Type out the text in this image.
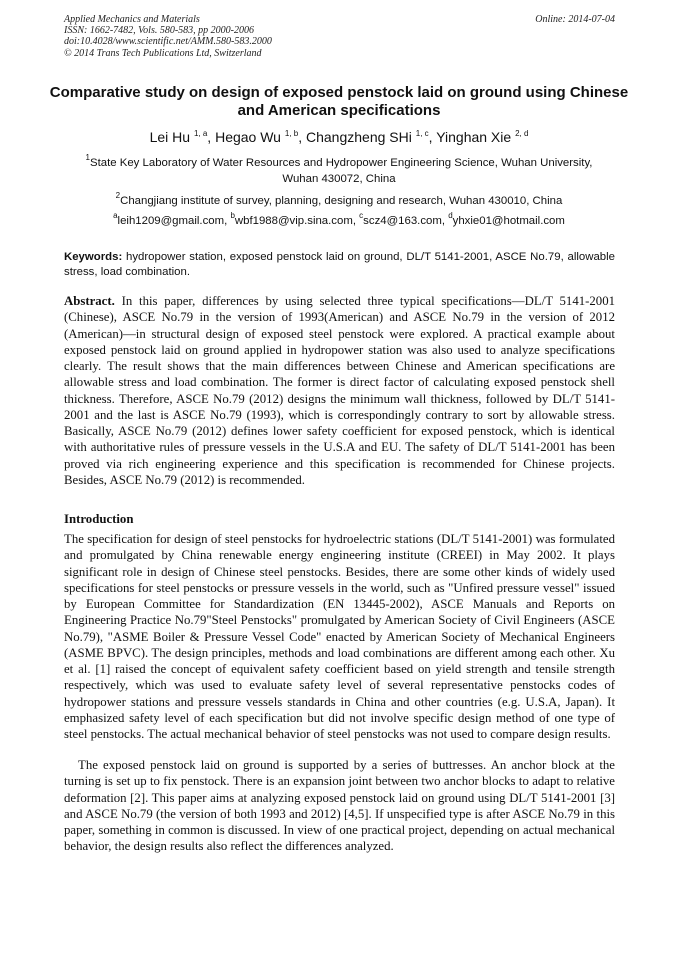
Applied Mechanics and Materials
ISSN: 1662-7482, Vols. 580-583, pp 2000-2006
doi:10.4028/www.scientific.net/AMM.580-583.2000
© 2014 Trans Tech Publications Ltd, Switzerland
Online: 2014-07-04
Comparative study on design of exposed penstock laid on ground using Chinese and American specifications
Lei Hu $^{1, a}$, Hegao Wu $^{1, b}$, Changzheng SHi $^{1, c}$, Yinghan Xie $^{2, d}$
$^1$State Key Laboratory of Water Resources and Hydropower Engineering Science, Wuhan University, Wuhan 430072, China
$^2$Changjiang institute of survey, planning, designing and research, Wuhan 430010, China
$^a$leih1209@gmail.com, $^b$wbf1988@vip.sina.com, $^c$scz4@163.com, $^d$yhxie01@hotmail.com
Keywords: hydropower station, exposed penstock laid on ground, DL/T 5141-2001, ASCE No.79, allowable stress, load combination.
Abstract. In this paper, differences by using selected three typical specifications—DL/T 5141-2001 (Chinese), ASCE No.79 in the version of 1993(American) and ASCE No.79 in the version of 2012 (American)—in structural design of exposed steel penstock were explored. A practical example about exposed penstock laid on ground applied in hydropower station was also used to analyze specifications clearly. The result shows that the main differences between Chinese and American specifications are allowable stress and load combination. The former is direct factor of calculating exposed penstock shell thickness. Therefore, ASCE No.79 (2012) designs the minimum wall thickness, followed by DL/T 5141-2001 and the last is ASCE No.79 (1993), which is correspondingly contrary to sort by allowable stress. Basically, ASCE No.79 (2012) defines lower safety coefficient for exposed penstock, which is identical with authoritative rules of pressure vessels in the U.S.A and EU. The safety of DL/T 5141-2001 has been proved via rich engineering experience and this specification is recommended for Chinese projects. Besides, ASCE No.79 (2012) is recommended.
Introduction
The specification for design of steel penstocks for hydroelectric stations (DL/T 5141-2001) was formulated and promulgated by China renewable energy engineering institute (CREEI) in May 2002. It plays significant role in design of Chinese steel penstocks. Besides, there are some other kinds of widely used specifications for steel penstocks or pressure vessels in the world, such as "Unfired pressure vessel" issued by European Committee for Standardization (EN 13445-2002), ASCE Manuals and Reports on Engineering Practice No.79"Steel Penstocks" promulgated by American Society of Civil Engineers (ASCE No.79), "ASME Boiler & Pressure Vessel Code" enacted by American Society of Mechanical Engineers (ASME BPVC). The design principles, methods and load combinations are different among each other. Xu et al. [1] raised the concept of equivalent safety coefficient based on yield strength and tensile strength respectively, which was used to evaluate safety level of several representative penstocks codes of hydropower stations and pressure vessels standards in China and other countries (e.g. U.S.A, Japan). It emphasized safety level of each specification but did not involve specific design method of one type of steel penstocks. The actual mechanical behavior of steel penstocks was not used to compare design results.
The exposed penstock laid on ground is supported by a series of buttresses. An anchor block at the turning is set up to fix penstock. There is an expansion joint between two anchor blocks to adapt to relative deformation [2]. This paper aims at analyzing exposed penstock laid on ground using DL/T 5141-2001 [3] and ASCE No.79 (the version of both 1993 and 2012) [4,5]. If unspecified type is after ASCE No.79 in this paper, something in common is discussed. In view of one practical project, depending on actual mechanical behavior, the design results also reflect the differences analyzed.
